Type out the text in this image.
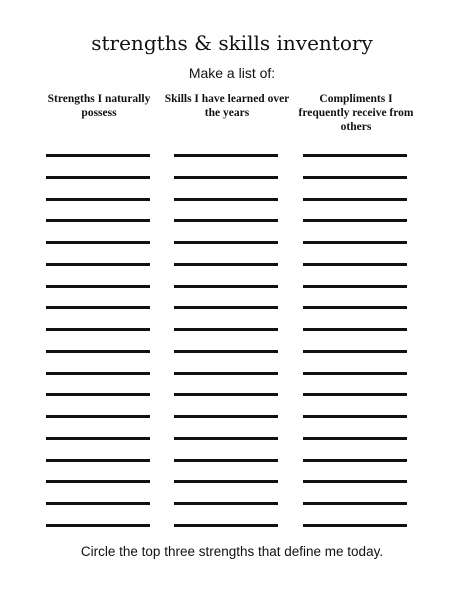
strengths & skills inventory
Make a list of:
Strengths I naturally possess
Skills I have learned over the years
Compliments I frequently receive from others
Circle the top three strengths that define me today.
